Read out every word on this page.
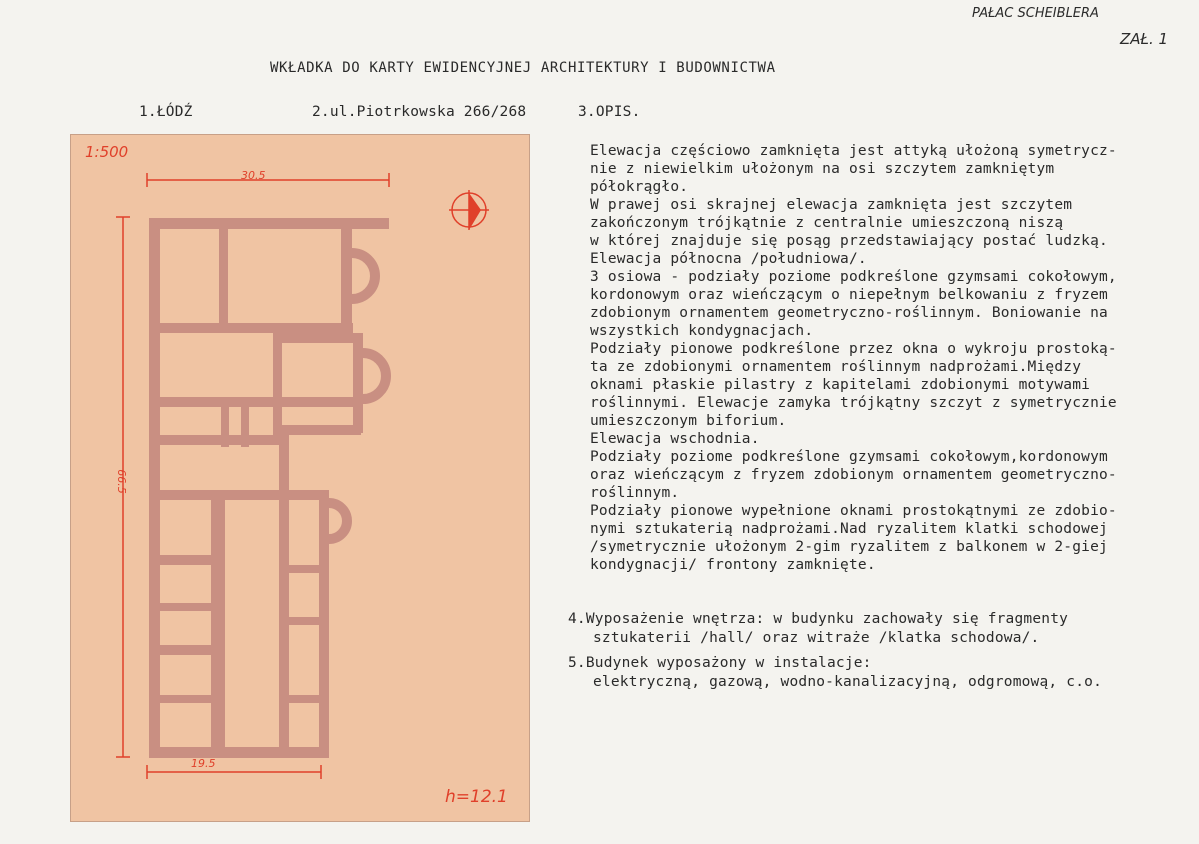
PAŁAC SCHEIBLERA
ZAŁ. 1
WKŁADKA DO KARTY EWIDENCYJNEJ ARCHITEKTURY I BUDOWNICTWA
1.ŁÓDŹ	2.ul.Piotrkowska 266/268	3.OPIS.
1:500
30.5
66.5
19.5
h=12.1
Elewacja częściowo zamknięta jest attyką ułożoną symetrycz-
nie z niewielkim ułożonym na osi szczytem zamkniętym
półokrągło.
W prawej osi skrajnej elewacja zamknięta jest szczytem
zakończonym trójkątnie z centralnie umieszczoną niszą
w której znajduje się posąg przedstawiający postać ludzką.
Elewacja północna /południowa/.
3 osiowa - podziały poziome podkreślone gzymsami cokołowym,
kordonowym oraz wieńczącym o niepełnym belkowaniu z fryzem
zdobionym ornamentem geometryczno-roślinnym. Boniowanie na
wszystkich kondygnacjach.
Podziały pionowe podkreślone przez okna o wykroju prostoką-
ta ze zdobionymi ornamentem roślinnym nadprożami.Między
oknami płaskie pilastry z kapitelami zdobionymi motywami
roślinnymi. Elewacje zamyka trójkątny szczyt z symetrycznie
umieszczonym biforium.
Elewacja wschodnia.
Podziały poziome podkreślone gzymsami cokołowym,kordonowym
oraz wieńczącym z fryzem zdobionym ornamentem geometryczno-
roślinnym.
Podziały pionowe wypełnione oknami prostokątnymi ze zdobio-
nymi sztukaterią nadprożami.Nad ryzalitem klatki schodowej
/symetrycznie ułożonym 2-gim ryzalitem z balkonem w 2-giej
kondygnacji/ frontony zamknięte.
4.Wyposażenie wnętrza: w budynku zachowały się fragmenty
sztukaterii /hall/ oraz witraże /klatka schodowa/.
5.Budynek wyposażony w instalacje:
elektryczną, gazową, wodno-kanalizacyjną, odgromową, c.o.
